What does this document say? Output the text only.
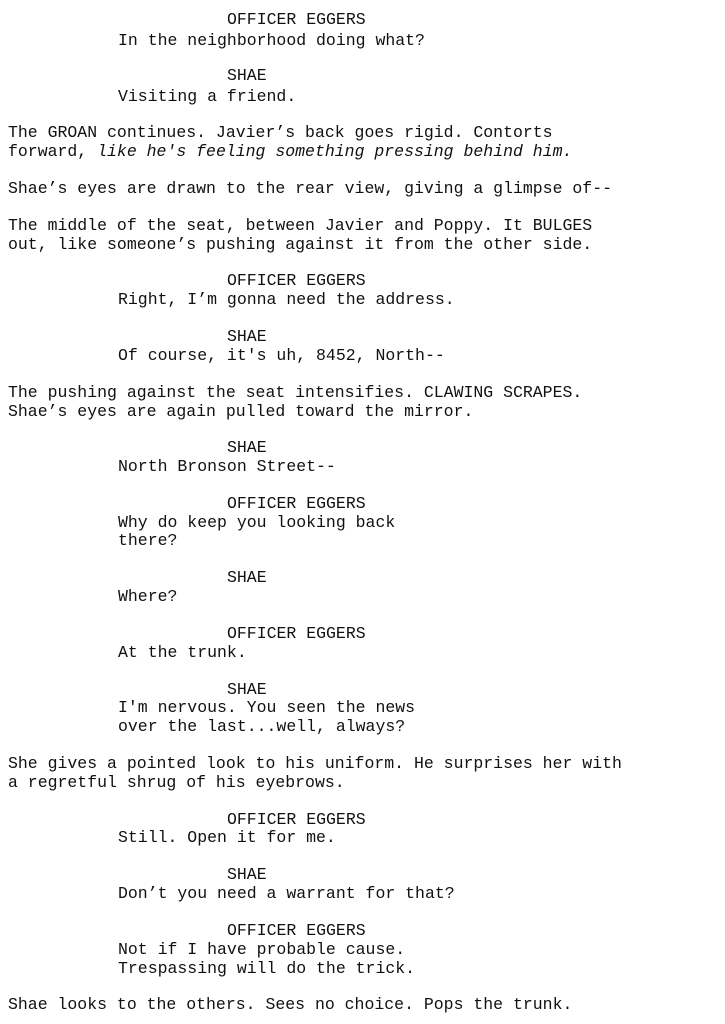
OFFICER EGGERS
In the neighborhood doing what?
SHAE
Visiting a friend.
The GROAN continues. Javier’s back goes rigid. Contorts
forward, like he's feeling something pressing behind him.
Shae’s eyes are drawn to the rear view, giving a glimpse of--
The middle of the seat, between Javier and Poppy. It BULGES
out, like someone’s pushing against it from the other side.
OFFICER EGGERS
Right, I’m gonna need the address.
SHAE
Of course, it's uh, 8452, North--
The pushing against the seat intensifies. CLAWING SCRAPES.
Shae’s eyes are again pulled toward the mirror.
SHAE
North Bronson Street--
OFFICER EGGERS
Why do keep you looking back
there?
SHAE
Where?
OFFICER EGGERS
At the trunk.
SHAE
I'm nervous. You seen the news
over the last...well, always?
She gives a pointed look to his uniform. He surprises her with
a regretful shrug of his eyebrows.
OFFICER EGGERS
Still. Open it for me.
SHAE
Don’t you need a warrant for that?
OFFICER EGGERS
Not if I have probable cause.
Trespassing will do the trick.
Shae looks to the others. Sees no choice. Pops the trunk.
